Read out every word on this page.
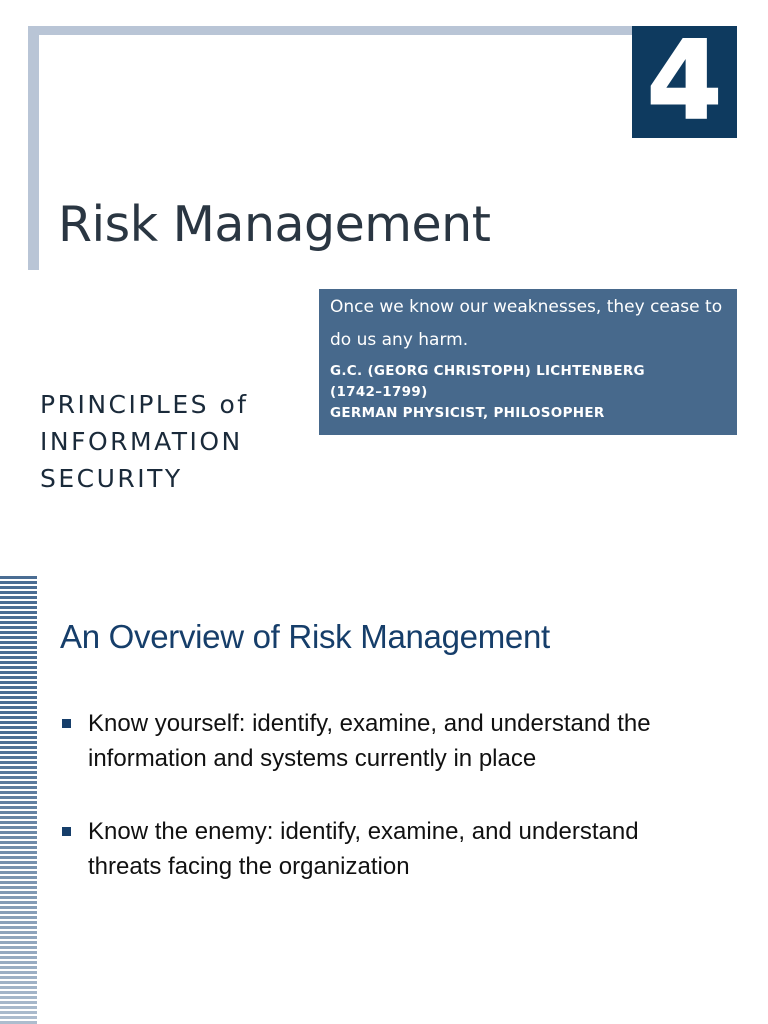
4
Risk Management

Once we know our weaknesses, they cease to do us any harm.

G.C. (GEORG CHRISTOPH) LICHTENBERG
(1742–1799)
GERMAN PHYSICIST, PHILOSOPHER
PRINCIPLES of
INFORMATION
SECURITY
An Overview of Risk Management
Know yourself: identify, examine, and understand the information and systems currently in place
Know the enemy: identify, examine, and understand threats facing the organization
